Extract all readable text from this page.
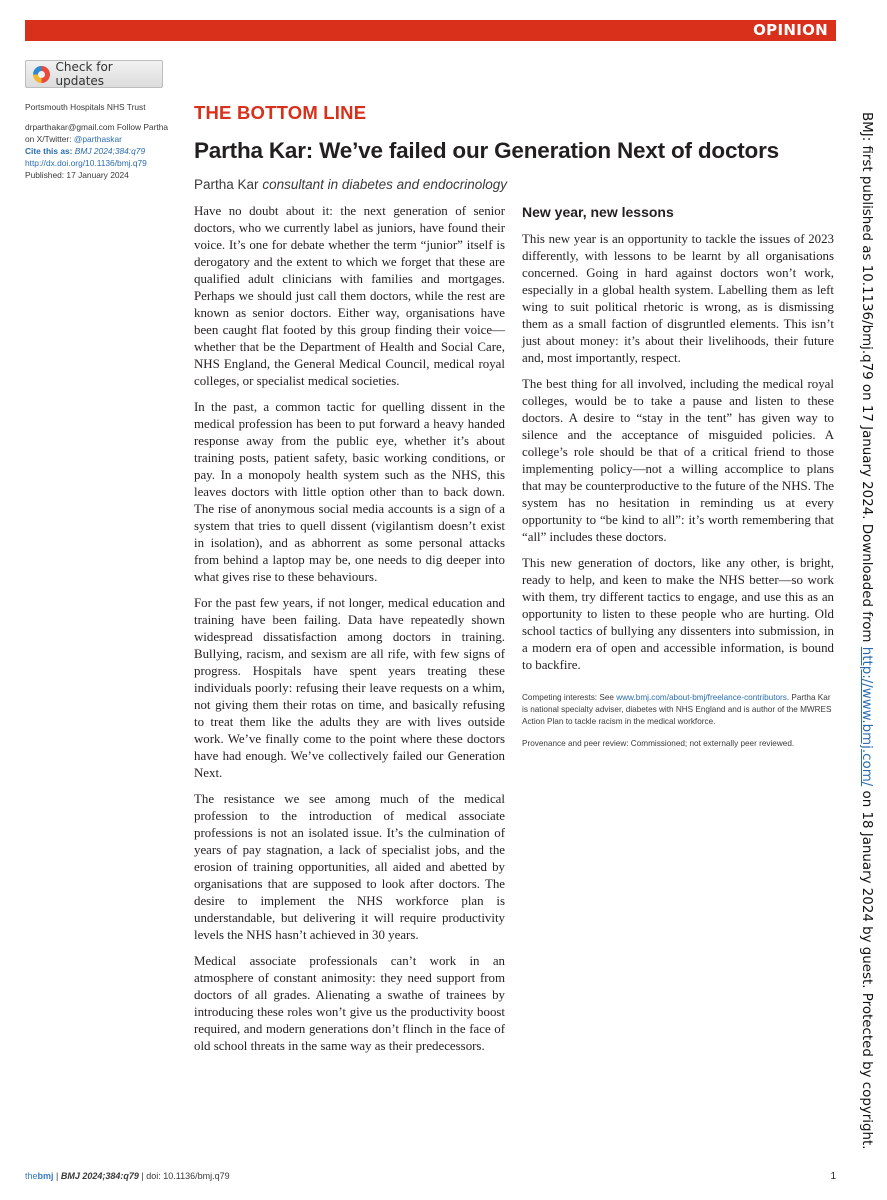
OPINION
Check for updates

Portsmouth Hospitals NHS Trust

drparthakar@gmail.com Follow Partha on X/Twitter: @parthaskar

Cite this as: BMJ 2024;384:q79

http://dx.doi.org/10.1136/bmj.q79

Published: 17 January 2024

THE BOTTOM LINE
Partha Kar: We’ve failed our Generation Next of doctors
Partha Kar consultant in diabetes and endocrinology

Have no doubt about it: the next generation of senior doctors, who we currently label as juniors, have found their voice. It’s one for debate whether the term “junior” itself is derogatory and the extent to which we forget that these are qualified adult clinicians with families and mortgages. Perhaps we should just call them doctors, while the rest are known as senior doctors. Either way, organisations have been caught flat footed by this group finding their voice—whether that be the Department of Health and Social Care, NHS England, the General Medical Council, medical royal colleges, or specialist medical societies.

In the past, a common tactic for quelling dissent in the medical profession has been to put forward a heavy handed response away from the public eye, whether it’s about training posts, patient safety, basic working conditions, or pay. In a monopoly health system such as the NHS, this leaves doctors with little option other than to back down. The rise of anonymous social media accounts is a sign of a system that tries to quell dissent (vigilantism doesn’t exist in isolation), and as abhorrent as some personal attacks from behind a laptop may be, one needs to dig deeper into what gives rise to these behaviours.

For the past few years, if not longer, medical education and training have been failing. Data have repeatedly shown widespread dissatisfaction among doctors in training. Bullying, racism, and sexism are all rife, with few signs of progress. Hospitals have spent years treating these individuals poorly: refusing their leave requests on a whim, not giving them their rotas on time, and basically refusing to treat them like the adults they are with lives outside work. We’ve finally come to the point where these doctors have had enough. We’ve collectively failed our Generation Next.

The resistance we see among much of the medical profession to the introduction of medical associate professions is not an isolated issue. It’s the culmination of years of pay stagnation, a lack of specialist jobs, and the erosion of training opportunities, all aided and abetted by organisations that are supposed to look after doctors. The desire to implement the NHS workforce plan is understandable, but delivering it will require productivity levels the NHS hasn’t achieved in 30 years.

Medical associate professionals can’t work in an atmosphere of constant animosity: they need support from doctors of all grades. Alienating a swathe of trainees by introducing these roles won’t give us the productivity boost required, and modern generations don’t flinch in the face of old school threats in the same way as their predecessors.

New year, new lessons

This new year is an opportunity to tackle the issues of 2023 differently, with lessons to be learnt by all organisations concerned. Going in hard against doctors won’t work, especially in a global health system. Labelling them as left wing to suit political rhetoric is wrong, as is dismissing them as a small faction of disgruntled elements. This isn’t just about money: it’s about their livelihoods, their future and, most importantly, respect.

The best thing for all involved, including the medical royal colleges, would be to take a pause and listen to these doctors. A desire to “stay in the tent” has given way to silence and the acceptance of misguided policies. A college’s role should be that of a critical friend to those implementing policy—not a willing accomplice to plans that may be counterproductive to the future of the NHS. The system has no hesitation in reminding us at every opportunity to “be kind to all”: it’s worth remembering that “all” includes these doctors.

This new generation of doctors, like any other, is bright, ready to help, and keen to make the NHS better—so work with them, try different tactics to engage, and use this as an opportunity to listen to these people who are hurting. Old school tactics of bullying any dissenters into submission, in a modern era of open and accessible information, is bound to backfire.

Competing interests: See www.bmj.com/about-bmj/freelance-contributors. Partha Kar is national specialty adviser, diabetes with NHS England and is author of the MWRES Action Plan to tackle racism in the medical workforce.

Provenance and peer review: Commissioned; not externally peer reviewed.

BMJ: first published as 10.1136/bmj.q79 on 17 January 2024. Downloaded from http://www.bmj.com/ on 18 January 2024 by guest. Protected by copyright.
thebmj | BMJ 2024;384:q79 | doi: 10.1136/bmj.q79	1
